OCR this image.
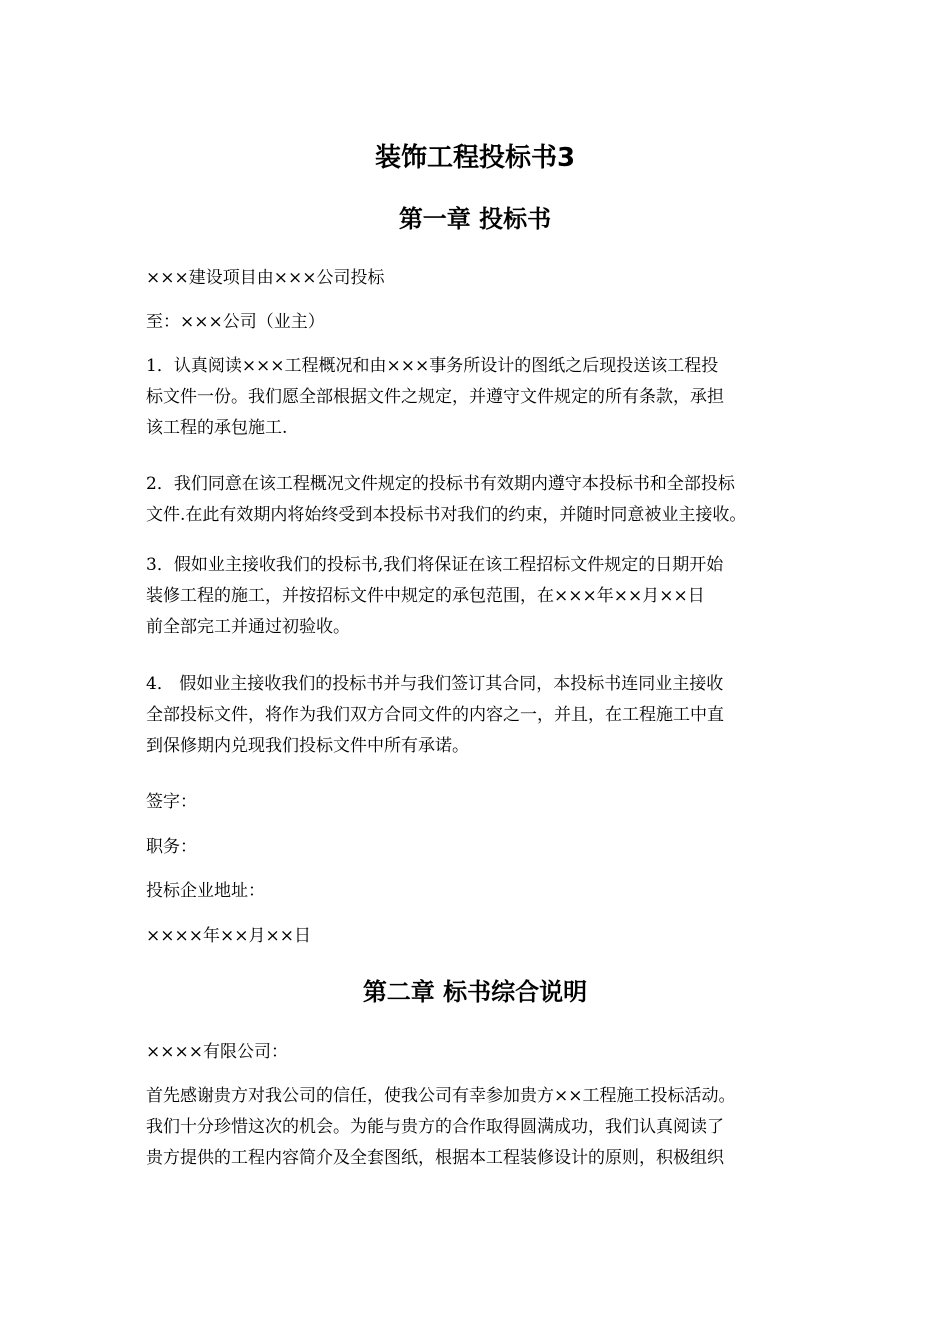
装饰工程投标书3
第一章 投标书
×××建设项目由×××公司投标
至：×××公司（业主）
1．认真阅读×××工程概况和由×××事务所设计的图纸之后现投送该工程投
标文件一份。我们愿全部根据文件之规定，并遵守文件规定的所有条款，承担
该工程的承包施工.
2．我们同意在该工程概况文件规定的投标书有效期内遵守本投标书和全部投标
文件.在此有效期内将始终受到本投标书对我们的约束，并随时同意被业主接收。
3．假如业主接收我们的投标书,我们将保证在该工程招标文件规定的日期开始
装修工程的施工，并按招标文件中规定的承包范围，在×××年××月××日
前全部完工并通过初验收。
4． 假如业主接收我们的投标书并与我们签订其合同，本投标书连同业主接收
全部投标文件，将作为我们双方合同文件的内容之一，并且，在工程施工中直
到保修期内兑现我们投标文件中所有承诺。
签字：
职务：
投标企业地址：
××××年××月××日
第二章 标书综合说明
××××有限公司：
首先感谢贵方对我公司的信任，使我公司有幸参加贵方××工程施工投标活动。
我们十分珍惜这次的机会。为能与贵方的合作取得圆满成功，我们认真阅读了
贵方提供的工程内容简介及全套图纸，根据本工程装修设计的原则，积极组织
